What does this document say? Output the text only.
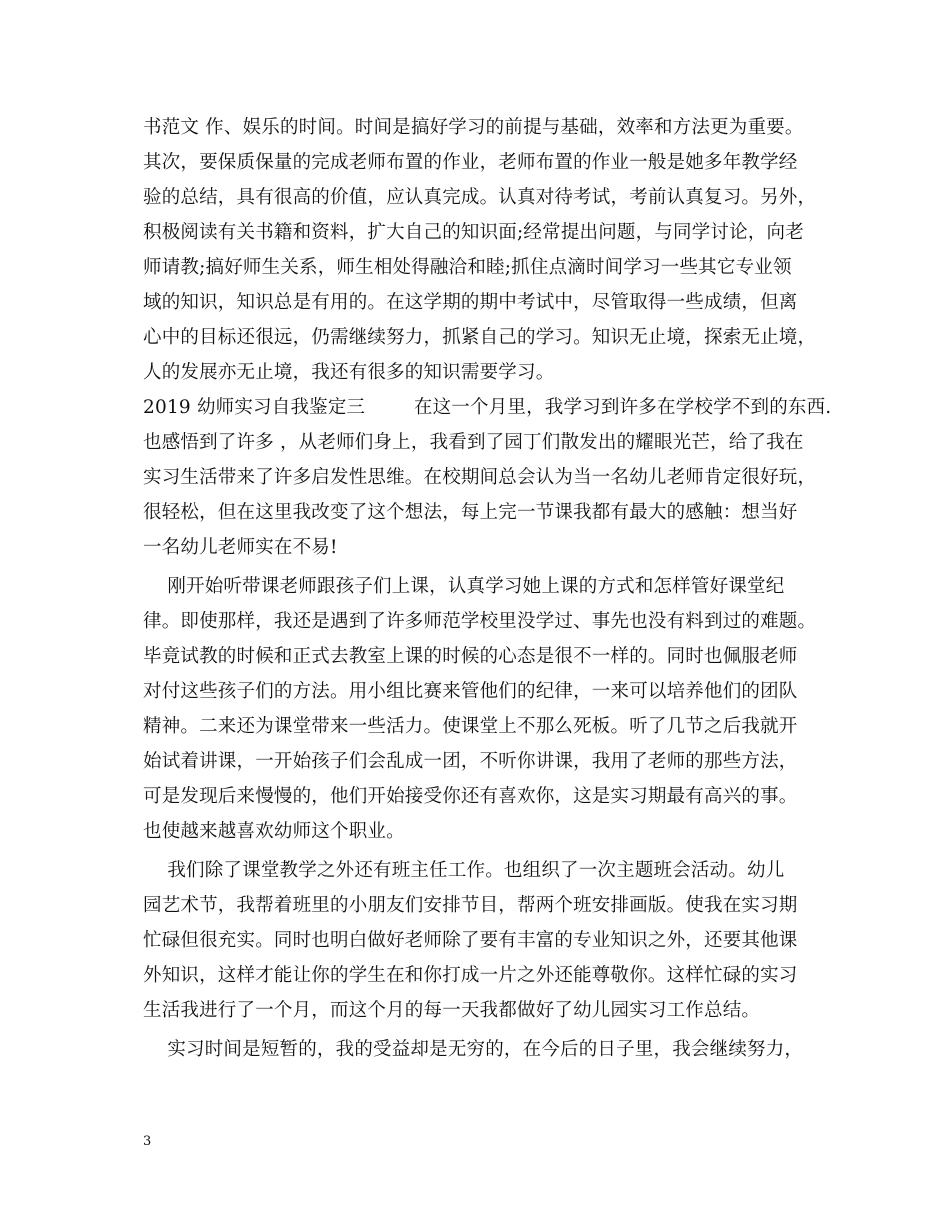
书范文 作、娱乐的时间。时间是搞好学习的前提与基础，效率和方法更为重要。
其次，要保质保量的完成老师布置的作业，老师布置的作业一般是她多年教学经
验的总结，具有很高的价值，应认真完成。认真对待考试，考前认真复习。另外，
积极阅读有关书籍和资料，扩大自己的知识面;经常提出问题，与同学讨论，向老
师请教;搞好师生关系，师生相处得融洽和睦;抓住点滴时间学习一些其它专业领
域的知识，知识总是有用的。在这学期的期中考试中，尽管取得一些成绩，但离
心中的目标还很远，仍需继续努力，抓紧自己的学习。知识无止境，探索无止境，
人的发展亦无止境，我还有很多的知识需要学习。
2019 幼师实习自我鉴定三        在这一个月里，我学习到许多在学校学不到的东西.
也感悟到了许多 ，从老师们身上，我看到了园丁们散发出的耀眼光芒，给了我在
实习生活带来了许多启发性思维。在校期间总会认为当一名幼儿老师肯定很好玩，
很轻松，但在这里我改变了这个想法，每上完一节课我都有最大的感触：想当好
一名幼儿老师实在不易!
刚开始听带课老师跟孩子们上课，认真学习她上课的方式和怎样管好课堂纪
律。即使那样，我还是遇到了许多师范学校里没学过、事先也没有料到过的难题。
毕竟试教的时候和正式去教室上课的时候的心态是很不一样的。同时也佩服老师
对付这些孩子们的方法。用小组比赛来管他们的纪律，一来可以培养他们的团队
精神。二来还为课堂带来一些活力。使课堂上不那么死板。听了几节之后我就开
始试着讲课，一开始孩子们会乱成一团，不听你讲课，我用了老师的那些方法，
可是发现后来慢慢的，他们开始接受你还有喜欢你，这是实习期最有高兴的事。
也使越来越喜欢幼师这个职业。
我们除了课堂教学之外还有班主任工作。也组织了一次主题班会活动。幼儿
园艺术节，我帮着班里的小朋友们安排节目，帮两个班安排画版。使我在实习期
忙碌但很充实。同时也明白做好老师除了要有丰富的专业知识之外，还要其他课
外知识，这样才能让你的学生在和你打成一片之外还能尊敬你。这样忙碌的实习
生活我进行了一个月，而这个月的每一天我都做好了幼儿园实习工作总结。
实习时间是短暂的，我的受益却是无穷的，在今后的日子里，我会继续努力，
3
